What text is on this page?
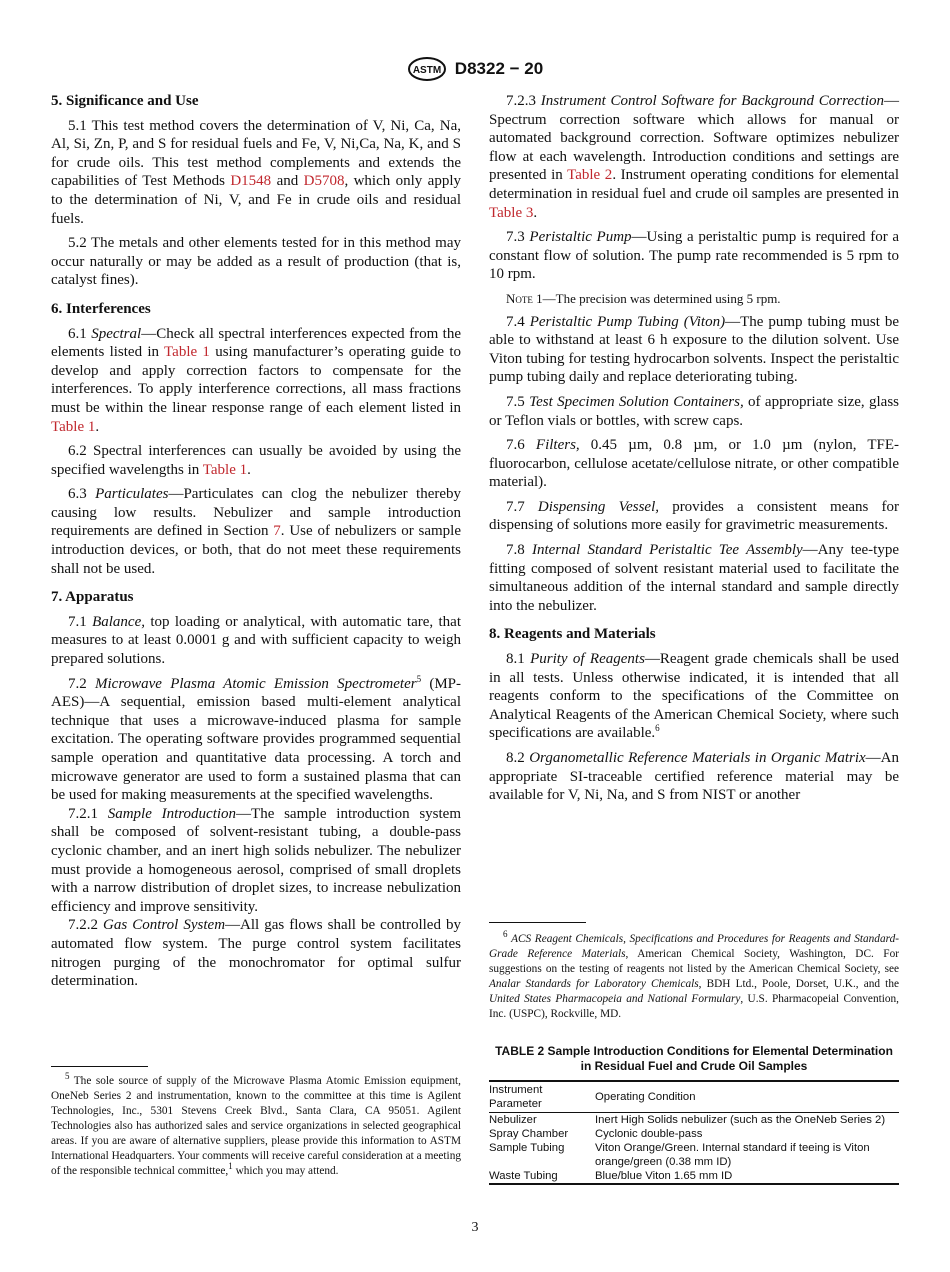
ASTM D8322 − 20
5. Significance and Use
5.1 This test method covers the determination of V, Ni, Ca, Na, Al, Si, Zn, P, and S for residual fuels and Fe, V, Ni,Ca, Na, K, and S for crude oils. This test method complements and extends the capabilities of Test Methods D1548 and D5708, which only apply to the determination of Ni, V, and Fe in crude oils and residual fuels.
5.2 The metals and other elements tested for in this method may occur naturally or may be added as a result of production (that is, catalyst fines).
6. Interferences
6.1 Spectral—Check all spectral interferences expected from the elements listed in Table 1 using manufacturer’s operating guide to develop and apply correction factors to compensate for the interferences. To apply interference corrections, all mass fractions must be within the linear response range of each element listed in Table 1.
6.2 Spectral interferences can usually be avoided by using the specified wavelengths in Table 1.
6.3 Particulates—Particulates can clog the nebulizer thereby causing low results. Nebulizer and sample introduction requirements are defined in Section 7. Use of nebulizers or sample introduction devices, or both, that do not meet these requirements shall not be used.
7. Apparatus
7.1 Balance, top loading or analytical, with automatic tare, that measures to at least 0.0001 g and with sufficient capacity to weigh prepared solutions.
7.2 Microwave Plasma Atomic Emission Spectrometer$^5$ (MP-AES)—A sequential, emission based multi-element analytical technique that uses a microwave-induced plasma for sample excitation. The operating software provides programmed sequential sample operation and quantitative data processing. A torch and microwave generator are used to form a sustained plasma that can be used for making measurements at the specified wavelengths.
7.2.1 Sample Introduction—The sample introduction system shall be composed of solvent-resistant tubing, a double-pass cyclonic chamber, and an inert high solids nebulizer. The nebulizer must provide a homogeneous aerosol, comprised of small droplets with a narrow distribution of droplet sizes, to increase nebulization efficiency and improve sensitivity.
7.2.2 Gas Control System—All gas flows shall be controlled by automated flow system. The purge control system facilitates nitrogen purging of the monochromator for optimal sulfur determination.
7.2.3 Instrument Control Software for Background Correction—Spectrum correction software which allows for manual or automated background correction. Software optimizes nebulizer flow at each wavelength. Introduction conditions and settings are presented in Table 2. Instrument operating conditions for elemental determination in residual fuel and crude oil samples are presented in Table 3.
7.3 Peristaltic Pump—Using a peristaltic pump is required for a constant flow of solution. The pump rate recommended is 5 rpm to 10 rpm.
Note 1—The precision was determined using 5 rpm.
7.4 Peristaltic Pump Tubing (Viton)—The pump tubing must be able to withstand at least 6 h exposure to the dilution solvent. Use Viton tubing for testing hydrocarbon solvents. Inspect the peristaltic pump tubing daily and replace deteriorating tubing.
7.5 Test Specimen Solution Containers, of appropriate size, glass or Teflon vials or bottles, with screw caps.
7.6 Filters, 0.45 µm, 0.8 µm, or 1.0 µm (nylon, TFE-fluorocarbon, cellulose acetate/cellulose nitrate, or other compatible material).
7.7 Dispensing Vessel, provides a consistent means for dispensing of solutions more easily for gravimetric measurements.
7.8 Internal Standard Peristaltic Tee Assembly—Any tee-type fitting composed of solvent resistant material used to facilitate the simultaneous addition of the internal standard and sample directly into the nebulizer.
8. Reagents and Materials
8.1 Purity of Reagents—Reagent grade chemicals shall be used in all tests. Unless otherwise indicated, it is intended that all reagents conform to the specifications of the Committee on Analytical Reagents of the American Chemical Society, where such specifications are available.$^6$
8.2 Organometallic Reference Materials in Organic Matrix—An appropriate SI-traceable certified reference material may be available for V, Ni, Na, and S from NIST or another
$^5$ The sole source of supply of the Microwave Plasma Atomic Emission equipment, OneNeb Series 2 and instrumentation, known to the committee at this time is Agilent Technologies, Inc., 5301 Stevens Creek Blvd., Santa Clara, CA 95051. Agilent Technologies also has authorized sales and service organizations in selected geographical areas. If you are aware of alternative suppliers, please provide this information to ASTM International Headquarters. Your comments will receive careful consideration at a meeting of the responsible technical committee,$^1$ which you may attend.
$^6$ ACS Reagent Chemicals, Specifications and Procedures for Reagents and Standard-Grade Reference Materials, American Chemical Society, Washington, DC. For suggestions on the testing of reagents not listed by the American Chemical Society, see Analar Standards for Laboratory Chemicals, BDH Ltd., Poole, Dorset, U.K., and the United States Pharmacopeia and National Formulary, U.S. Pharmacopeial Convention, Inc. (USPC), Rockville, MD.
TABLE 2 Sample Introduction Conditions for Elemental Determination in Residual Fuel and Crude Oil Samples
Instrument Parameter	Operating Condition
Nebulizer	Inert High Solids nebulizer (such as the OneNeb Series 2)
Spray Chamber	Cyclonic double-pass
Sample Tubing	Viton Orange/Green. Internal standard if teeing is Viton orange/green (0.38 mm ID)
Waste Tubing	Blue/blue Viton 1.65 mm ID
3
